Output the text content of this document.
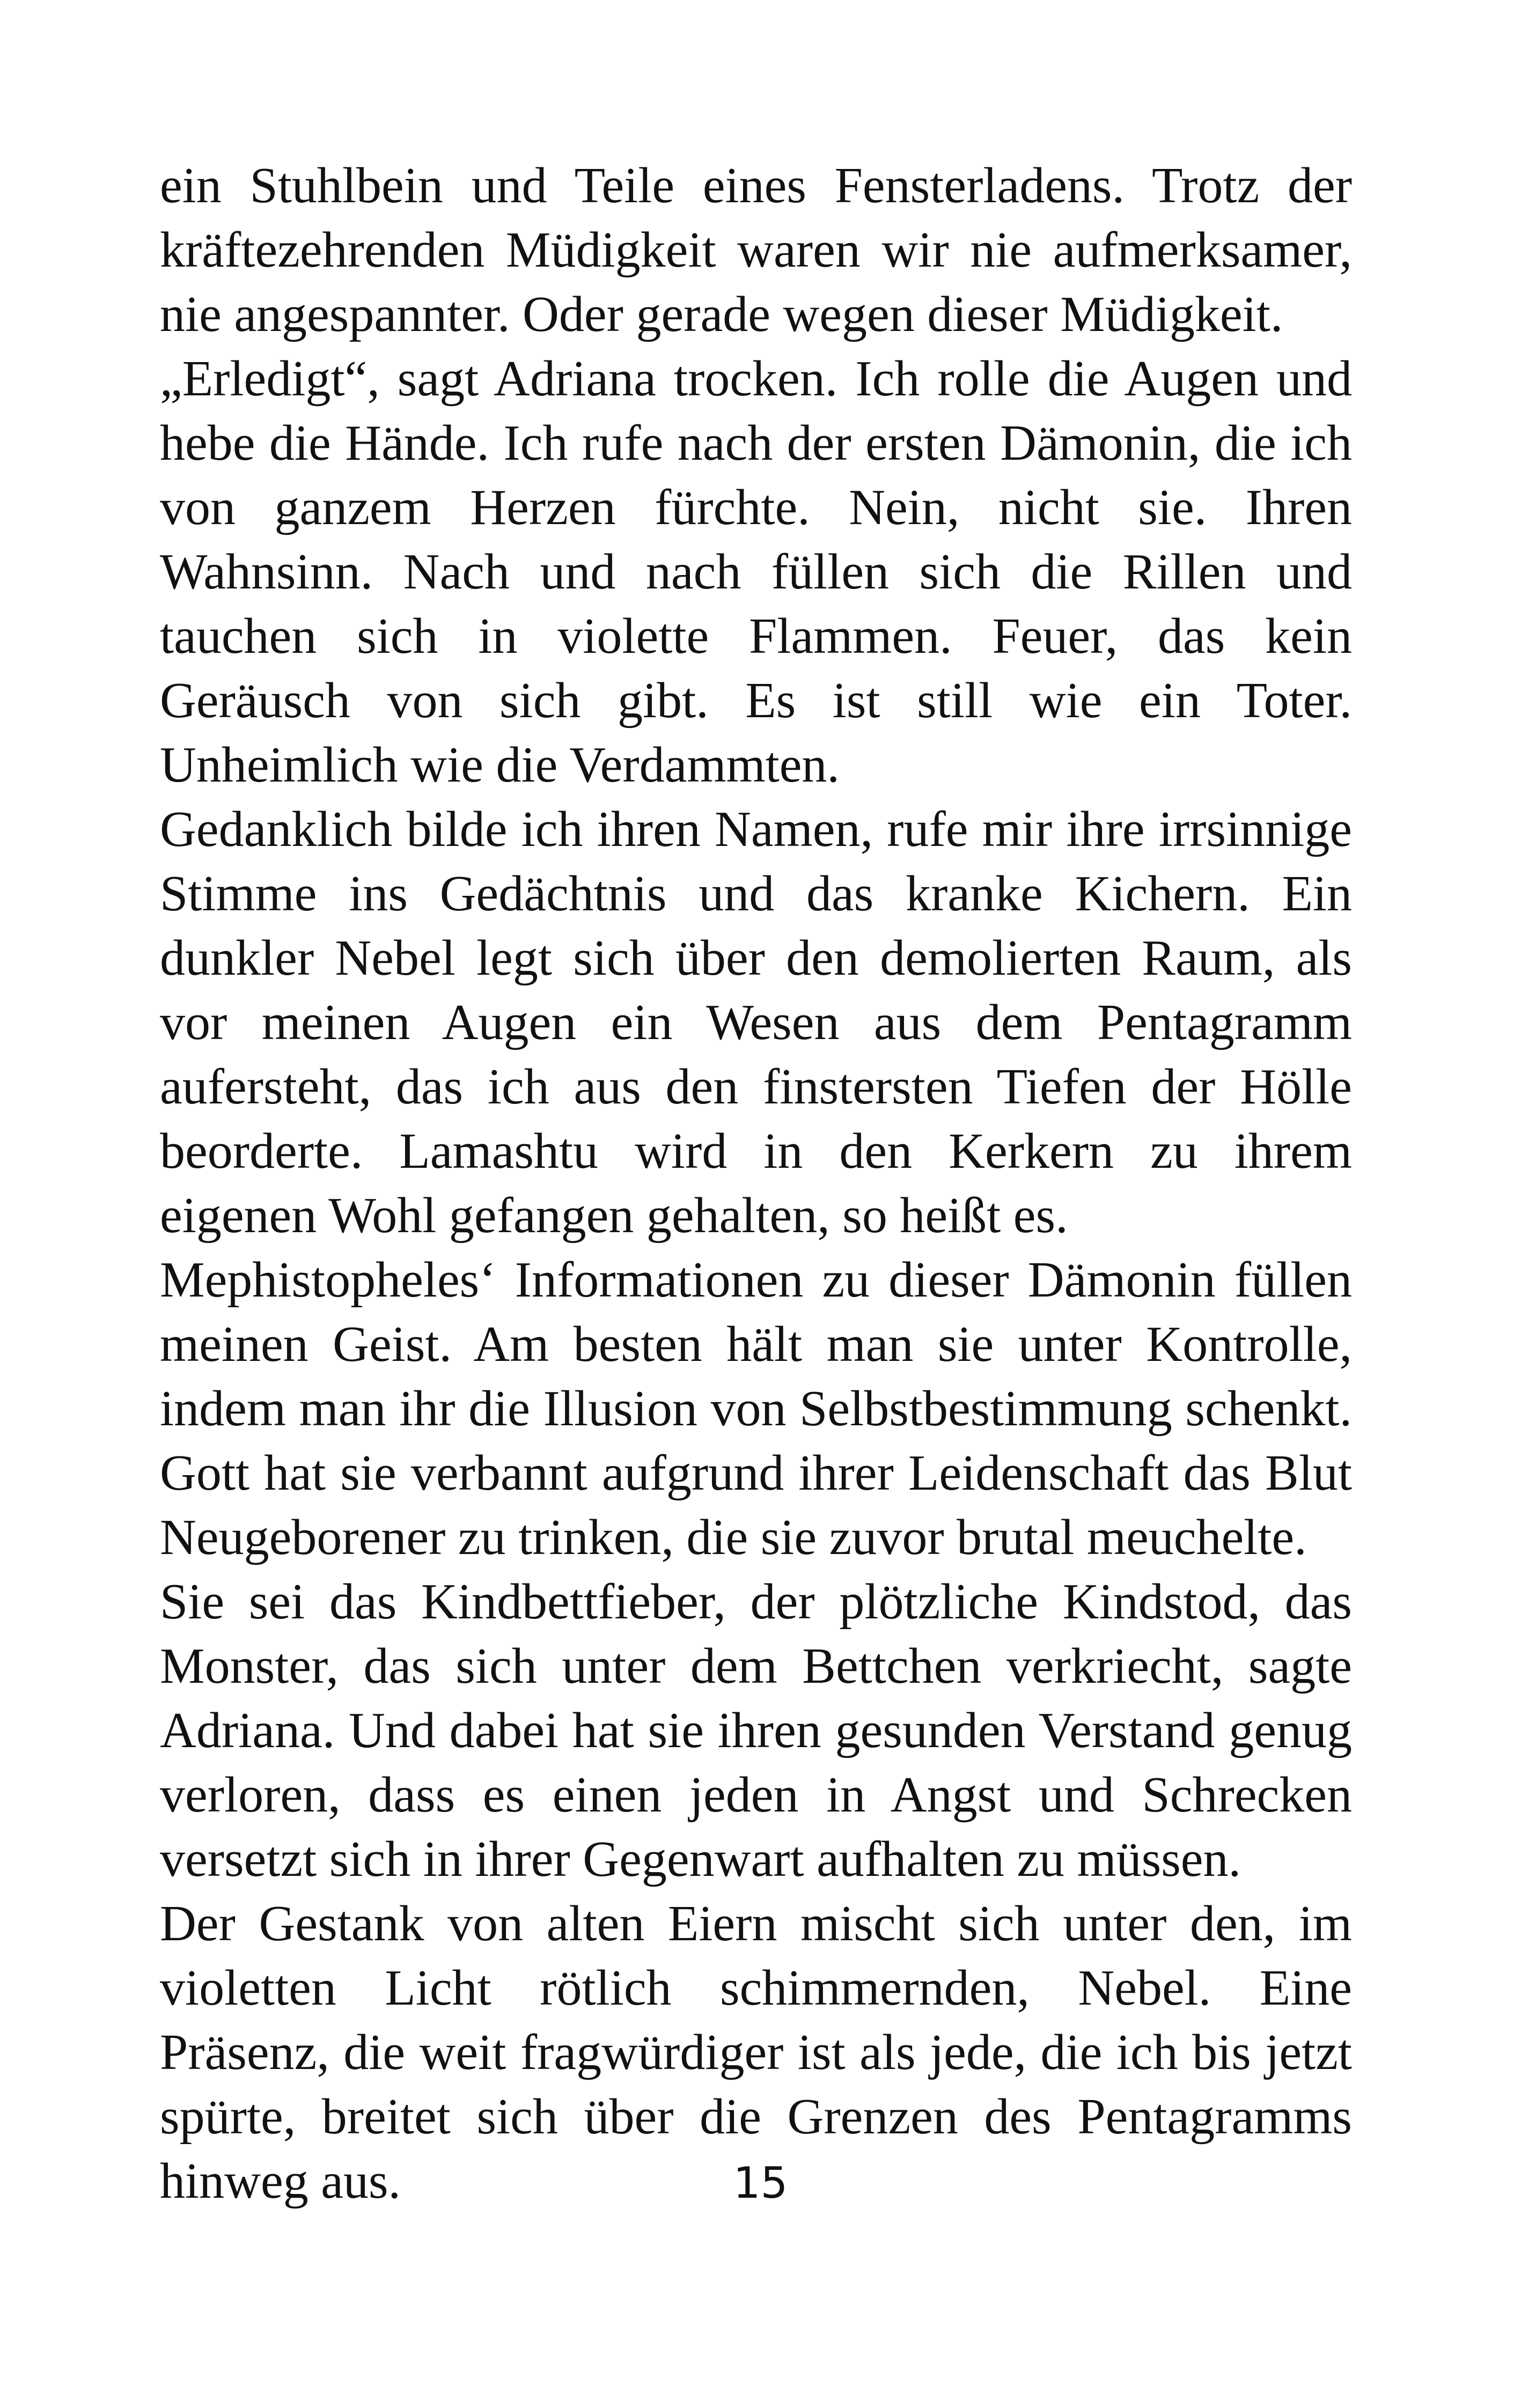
ein Stuhlbein und Teile eines Fensterladens. Trotz der kräftezehrenden Müdigkeit waren wir nie aufmerksamer, nie angespannter. Oder gerade wegen dieser Müdigkeit.

„Erledigt“, sagt Adriana trocken. Ich rolle die Augen und hebe die Hände. Ich rufe nach der ersten Dämonin, die ich von ganzem Herzen fürchte. Nein, nicht sie. Ihren Wahnsinn. Nach und nach füllen sich die Rillen und tauchen sich in violette Flammen. Feuer, das kein Geräusch von sich gibt. Es ist still wie ein Toter. Unheimlich wie die Verdammten.

Gedanklich bilde ich ihren Namen, rufe mir ihre irrsinnige Stimme ins Gedächtnis und das kranke Kichern. Ein dunkler Nebel legt sich über den demolierten Raum, als vor meinen Augen ein Wesen aus dem Pentagramm aufersteht, das ich aus den finstersten Tiefen der Hölle beorderte. Lamashtu wird in den Kerkern zu ihrem eigenen Wohl gefangen gehalten, so heißt es.

Mephistopheles‘ Informationen zu dieser Dämonin füllen meinen Geist. Am besten hält man sie unter Kontrolle, indem man ihr die Illusion von Selbstbestimmung schenkt. Gott hat sie verbannt aufgrund ihrer Leidenschaft das Blut Neugeborener zu trinken, die sie zuvor brutal meuchelte.

Sie sei das Kindbettfieber, der plötzliche Kindstod, das Monster, das sich unter dem Bettchen verkriecht, sagte Adriana. Und dabei hat sie ihren gesunden Verstand genug verloren, dass es einen jeden in Angst und Schrecken versetzt sich in ihrer Gegenwart aufhalten zu müssen.

Der Gestank von alten Eiern mischt sich unter den, im violetten Licht rötlich schimmernden, Nebel. Eine Präsenz, die weit fragwürdiger ist als jede, die ich bis jetzt spürte, breitet sich über die Grenzen des Pentagramms hinweg aus.	15
